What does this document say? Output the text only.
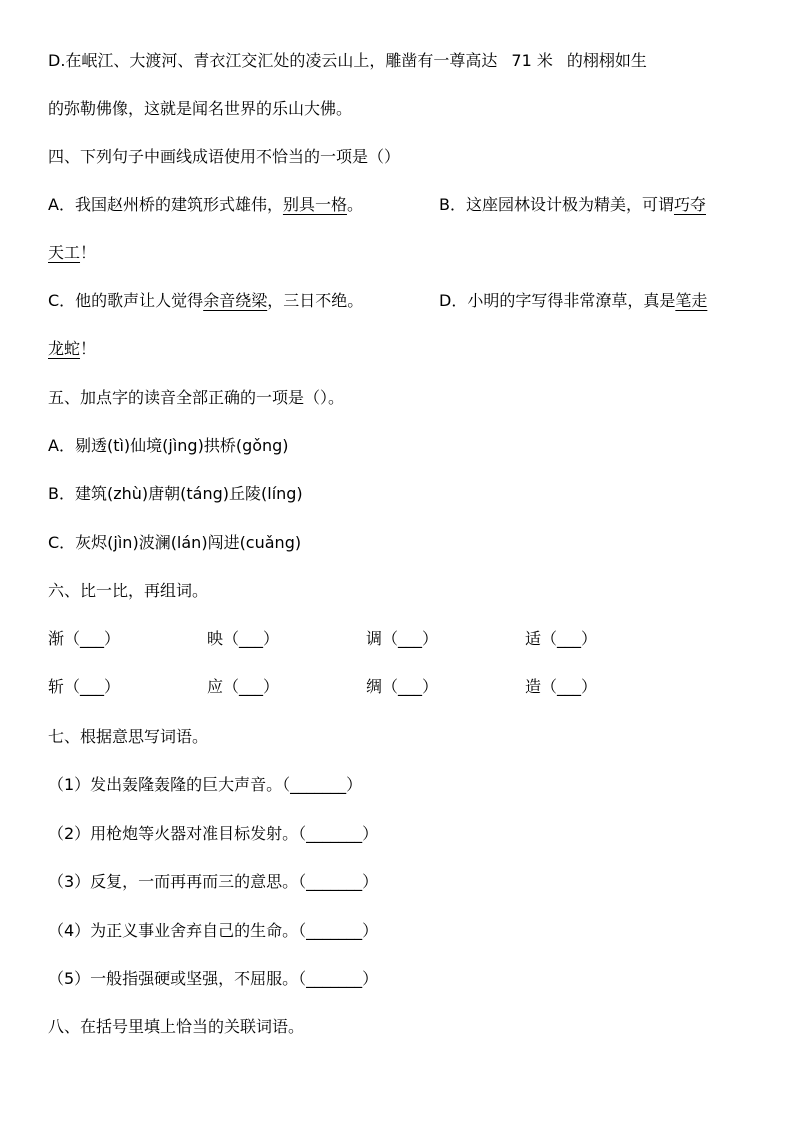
D.在岷江、大渡河、青衣江交汇处的凌云山上，雕凿有一尊高达 71 米 的栩栩如生
的弥勒佛像，这就是闻名世界的乐山大佛。
四、下列句子中画线成语使用不恰当的一项是（）
A．我国赵州桥的建筑形式雄伟，别具一格。	B．这座园林设计极为精美，可谓巧夺
天工！
C．他的歌声让人觉得余音绕梁，三日不绝。	D．小明的字写得非常潦草，真是笔走
龙蛇！
五、加点字的读音全部正确的一项是（）。
A．剔透(tì)仙境(jìng)拱桥(gǒng)
B．建筑(zhù)唐朝(táng)丘陵(líng)
C．灰烬(jìn)波澜(lán)闯进(cuǎng)
六、比一比，再组词。
渐（___）	映（___）	调（___）	适（___）
斩（___）	应（___）	绸（___）	造（___）
七、根据意思写词语。
（1）发出轰隆轰隆的巨大声音。（_______）
（2）用枪炮等火器对准目标发射。（_______）
（3）反复，一而再再而三的意思。（_______）
（4）为正义事业舍弃自己的生命。（_______）
（5）一般指强硬或坚强，不屈服。（_______）
八、在括号里填上恰当的关联词语。
